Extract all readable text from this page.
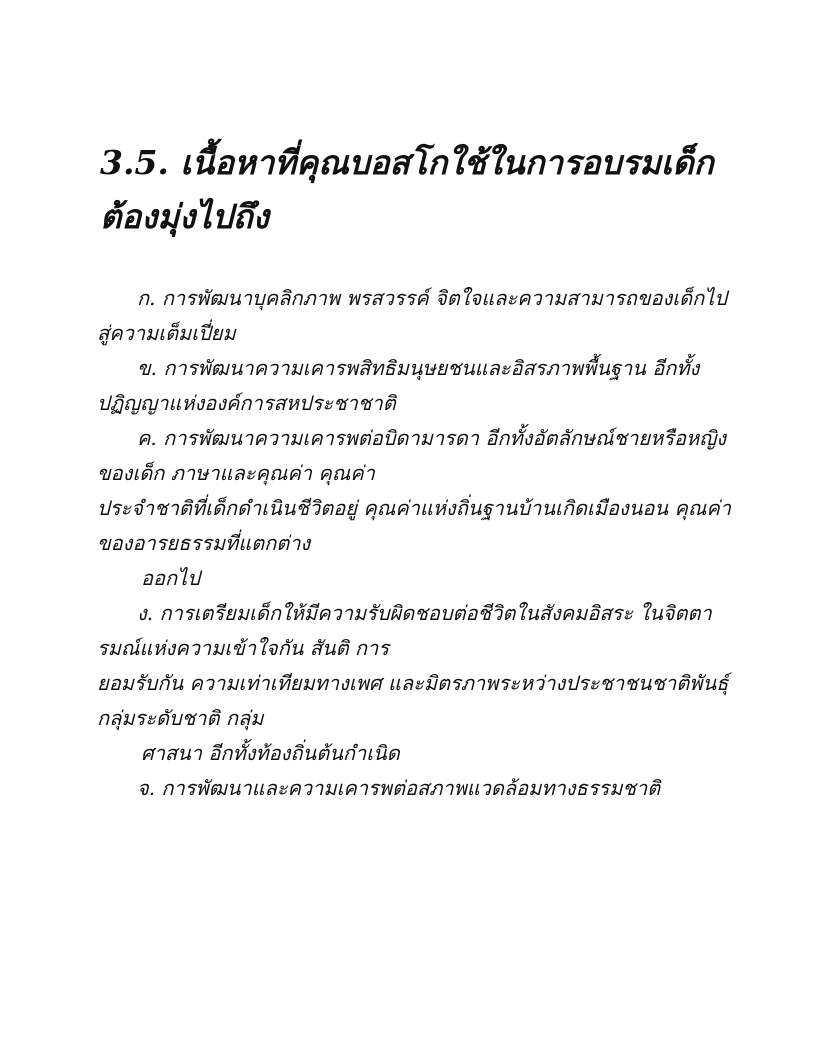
3.5. เนื้อหาที่คุณบอสโกใช้ในการอบรมเด็กต้องมุ่งไปถึง

ก. การพัฒนาบุคลิกภาพ พรสวรรค์ จิตใจและความสามารถของเด็กไปสู่ความเต็มเปี่ยม

ข. การพัฒนาความเคารพสิทธิมนุษยชนและอิสรภาพพื้นฐาน อีกทั้งปฏิญญาแห่งองค์การสหประชาชาติ

ค. การพัฒนาความเคารพต่อบิดามารดา อีกทั้งอัตลักษณ์ชายหรือหญิงของเด็ก ภาษาและคุณค่า คุณค่า

ประจำชาติที่เด็กดำเนินชีวิตอยู่ คุณค่าแห่งถิ่นฐานบ้านเกิดเมืองนอน คุณค่าของอารยธรรมที่แตกต่าง

ออกไป

ง. การเตรียมเด็กให้มีความรับผิดชอบต่อชีวิตในสังคมอิสระ ในจิตตารมณ์แห่งความเข้าใจกัน สันติ การ

ยอมรับกัน ความเท่าเทียมทางเพศ และมิตรภาพระหว่างประชาชนชาติพันธุ์ กลุ่มระดับชาติ กลุ่ม

ศาสนา อีกทั้งท้องถิ่นต้นกำเนิด

จ. การพัฒนาและความเคารพต่อสภาพแวดล้อมทางธรรมชาติ
